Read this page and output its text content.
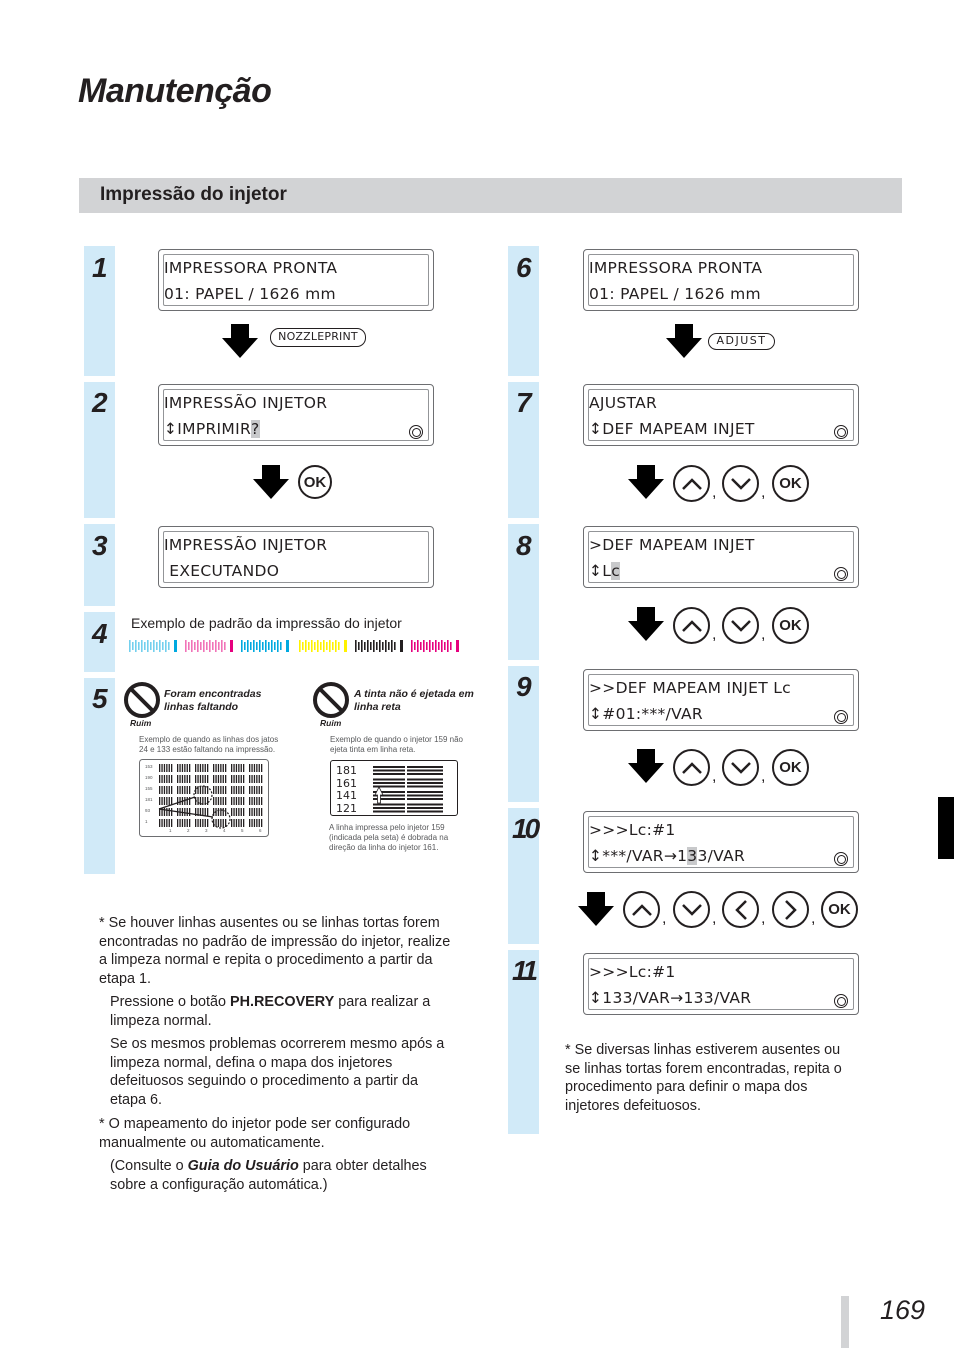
Manutenção
Impressão do injetor
1
2
3
4
5
IMPRESSORA PRONTA
01: PAPEL / 1626 mm
NOZZLEPRINT
IMPRESSÃO INJETOR
↕IMPRIMIR?
OK
IMPRESSÃO INJETOR
EXECUTANDO
Exemplo de padrão da impressão do injetor
Foram encontradas linhas faltando
Ruim
Exemplo de quando as linhas dos jatos 24 e 133 estão faltando na impressão.
1	2	3	4	5	6
153
190
155
181
93
1
A tinta não é ejetada em linha reta
Ruim
Exemplo de quando o injetor 159 não ejeta tinta em linha reta.
181
161
141
121
A linha impressa pelo injetor 159 (indicada pela seta) é dobrada na direção da linha do injetor 161.
* Se houver linhas ausentes ou se linhas tortas forem encontradas no padrão de impressão do injetor, realize a limpeza normal e repita o procedimento a partir da etapa 1.
Pressione o botão PH.RECOVERY para realizar a limpeza normal.
Se os mesmos problemas ocorrerem mesmo após a limpeza normal, defina o mapa dos injetores defeituosos seguindo o procedimento a partir da etapa 6.
* O mapeamento do injetor pode ser configurado manualmente ou automaticamente.
(Consulte o Guia do Usuário para obter detalhes sobre a configuração automática.)
6
7
8
9
10
11
IMPRESSORA PRONTA
01: PAPEL / 1626 mm
ADJUST
AJUSTAR
↕DEF MAPEAM INJET
,	,
OK
>DEF MAPEAM INJET
↕Lc
,	,
OK
>>DEF MAPEAM INJET Lc
↕#01:***/VAR
,	,
OK
>>>Lc:#1
↕***/VAR→133/VAR
,	,	,	,
OK
>>>Lc:#1
↕133/VAR→133/VAR
* Se diversas linhas estiverem ausentes ou se linhas tortas forem encontradas, repita o procedimento para definir o mapa dos injetores defeituosos.
169
